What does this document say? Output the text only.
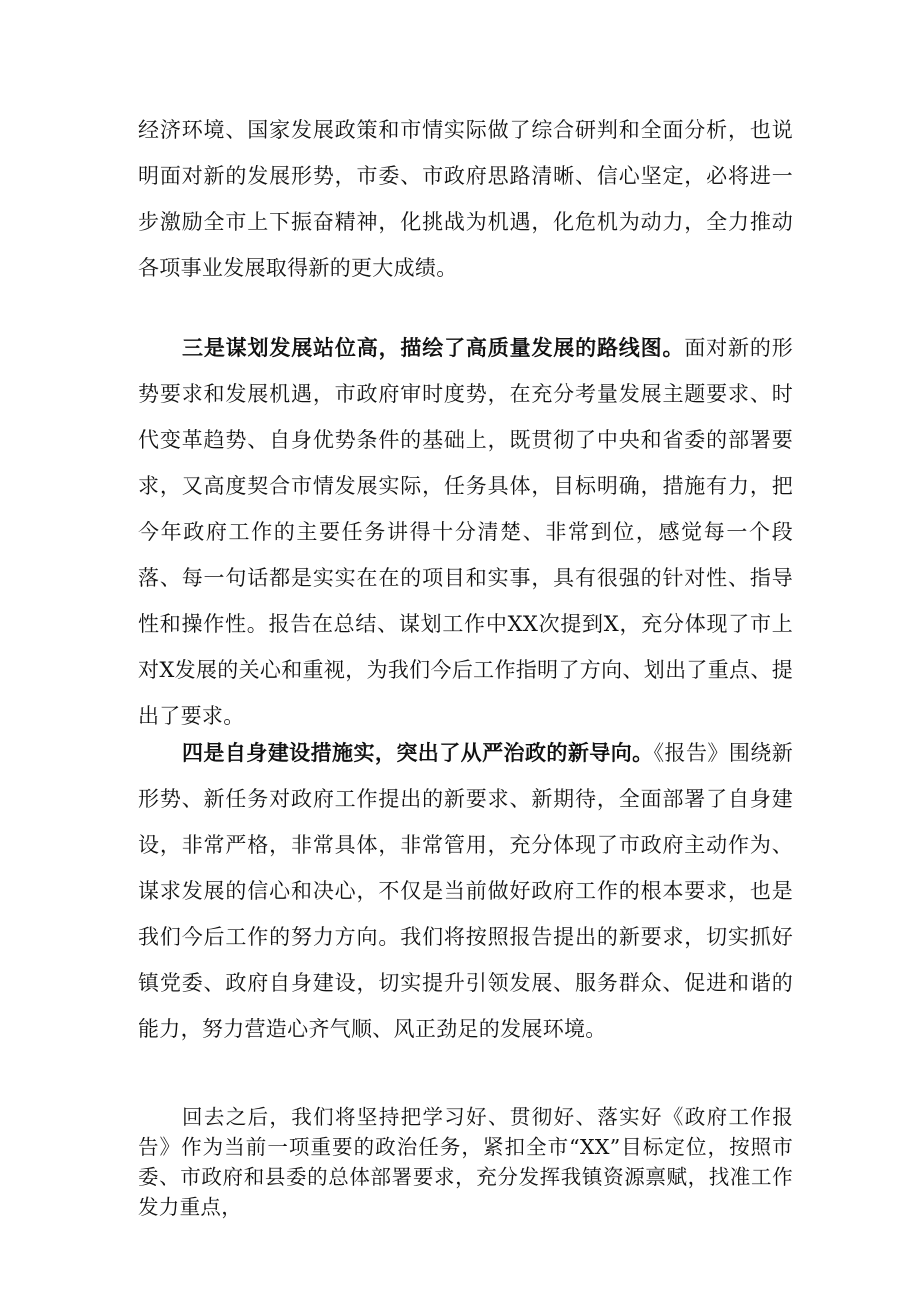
经济环境、国家发展政策和市情实际做了综合研判和全面分析，也说明面对新的发展形势，市委、市政府思路清晰、信心坚定，必将进一步激励全市上下振奋精神，化挑战为机遇，化危机为动力，全力推动各项事业发展取得新的更大成绩。

三是谋划发展站位高，描绘了高质量发展的路线图。面对新的形势要求和发展机遇，市政府审时度势，在充分考量发展主题要求、时代变革趋势、自身优势条件的基础上，既贯彻了中央和省委的部署要求，又高度契合市情发展实际，任务具体，目标明确，措施有力，把今年政府工作的主要任务讲得十分清楚、非常到位，感觉每一个段落、每一句话都是实实在在的项目和实事，具有很强的针对性、指导性和操作性。报告在总结、谋划工作中XX次提到X，充分体现了市上对X发展的关心和重视，为我们今后工作指明了方向、划出了重点、提出了要求。

四是自身建设措施实，突出了从严治政的新导向。《报告》围绕新形势、新任务对政府工作提出的新要求、新期待，全面部署了自身建设，非常严格，非常具体，非常管用，充分体现了市政府主动作为、谋求发展的信心和决心，不仅是当前做好政府工作的根本要求，也是我们今后工作的努力方向。我们将按照报告提出的新要求，切实抓好镇党委、政府自身建设，切实提升引领发展、服务群众、促进和谐的能力，努力营造心齐气顺、风正劲足的发展环境。

回去之后，我们将坚持把学习好、贯彻好、落实好《政府工作报告》作为当前一项重要的政治任务，紧扣全市“XX”目标定位，按照市委、市政府和县委的总体部署要求，充分发挥我镇资源禀赋，找准工作发力重点，
